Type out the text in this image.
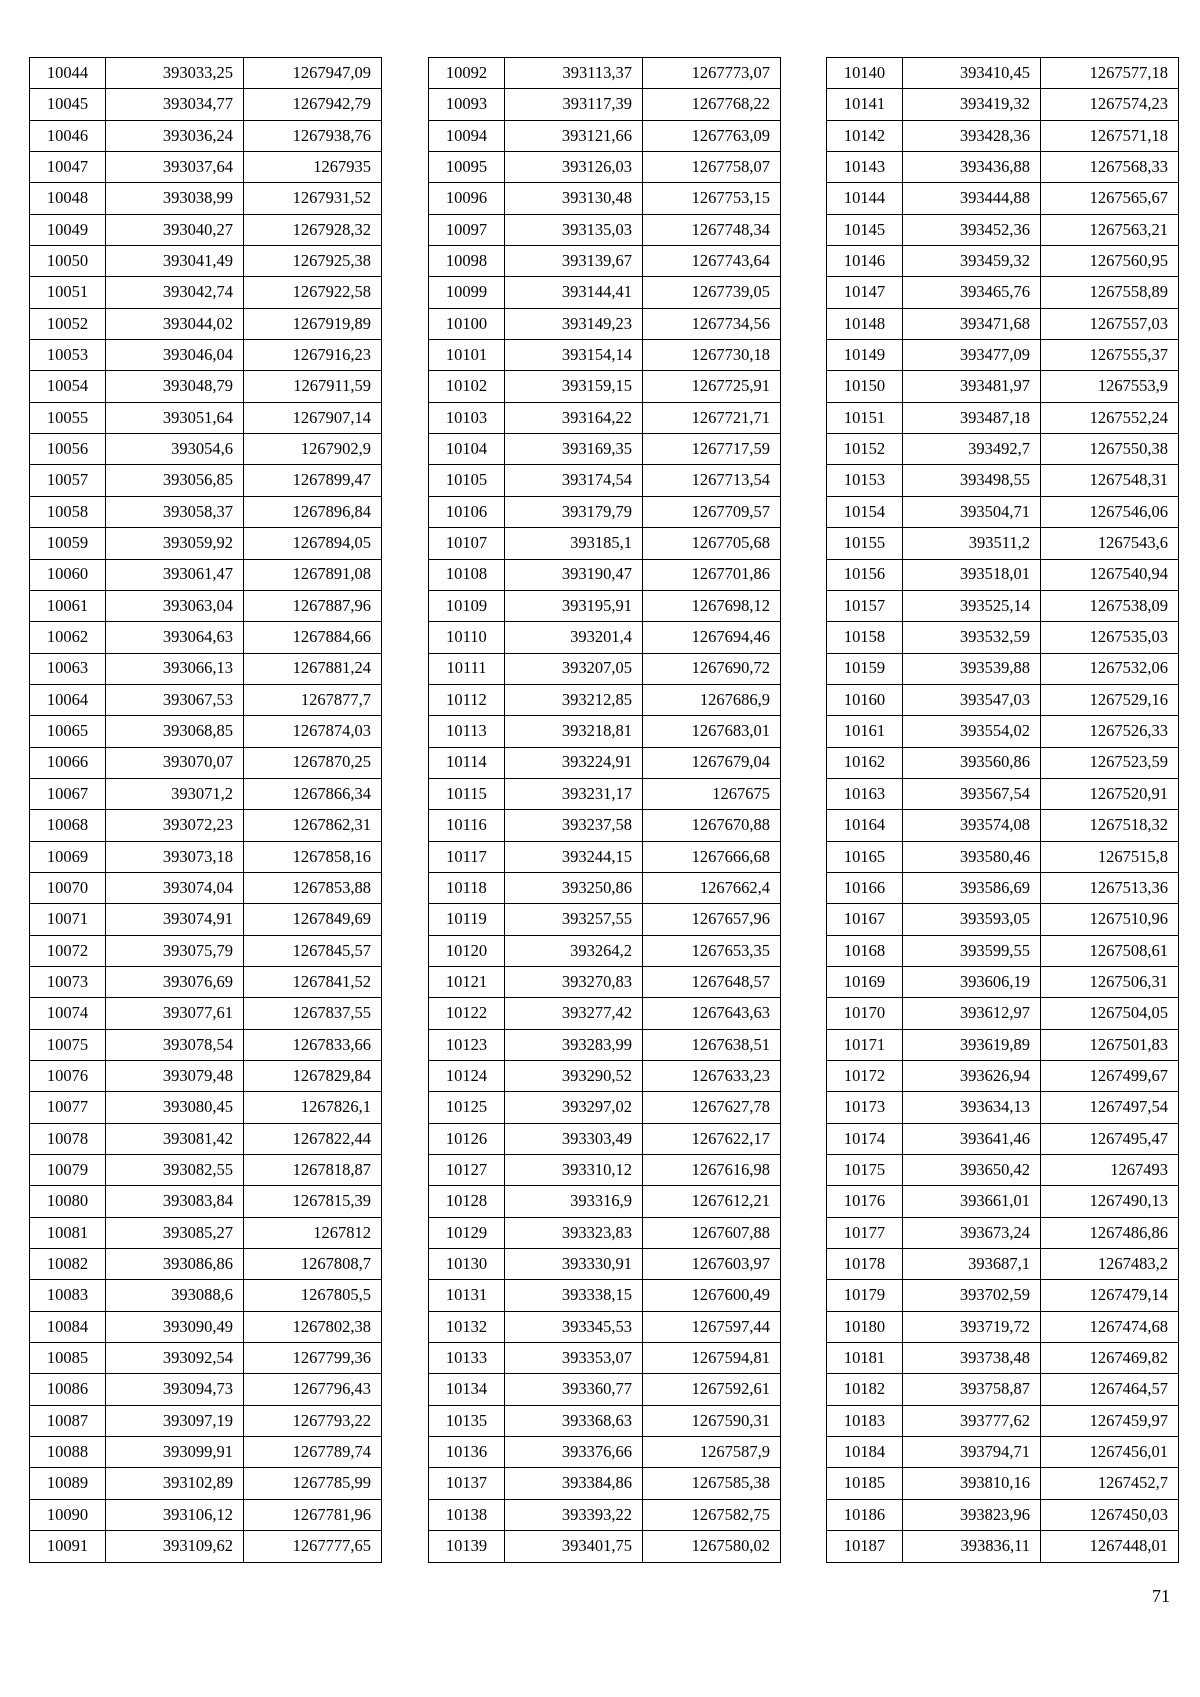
10044	393033,25	1267947,09
10045	393034,77	1267942,79
10046	393036,24	1267938,76
10047	393037,64	1267935
10048	393038,99	1267931,52
10049	393040,27	1267928,32
10050	393041,49	1267925,38
10051	393042,74	1267922,58
10052	393044,02	1267919,89
10053	393046,04	1267916,23
10054	393048,79	1267911,59
10055	393051,64	1267907,14
10056	393054,6	1267902,9
10057	393056,85	1267899,47
10058	393058,37	1267896,84
10059	393059,92	1267894,05
10060	393061,47	1267891,08
10061	393063,04	1267887,96
10062	393064,63	1267884,66
10063	393066,13	1267881,24
10064	393067,53	1267877,7
10065	393068,85	1267874,03
10066	393070,07	1267870,25
10067	393071,2	1267866,34
10068	393072,23	1267862,31
10069	393073,18	1267858,16
10070	393074,04	1267853,88
10071	393074,91	1267849,69
10072	393075,79	1267845,57
10073	393076,69	1267841,52
10074	393077,61	1267837,55
10075	393078,54	1267833,66
10076	393079,48	1267829,84
10077	393080,45	1267826,1
10078	393081,42	1267822,44
10079	393082,55	1267818,87
10080	393083,84	1267815,39
10081	393085,27	1267812
10082	393086,86	1267808,7
10083	393088,6	1267805,5
10084	393090,49	1267802,38
10085	393092,54	1267799,36
10086	393094,73	1267796,43
10087	393097,19	1267793,22
10088	393099,91	1267789,74
10089	393102,89	1267785,99
10090	393106,12	1267781,96
10091	393109,62	1267777,65
10092	393113,37	1267773,07
10093	393117,39	1267768,22
10094	393121,66	1267763,09
10095	393126,03	1267758,07
10096	393130,48	1267753,15
10097	393135,03	1267748,34
10098	393139,67	1267743,64
10099	393144,41	1267739,05
10100	393149,23	1267734,56
10101	393154,14	1267730,18
10102	393159,15	1267725,91
10103	393164,22	1267721,71
10104	393169,35	1267717,59
10105	393174,54	1267713,54
10106	393179,79	1267709,57
10107	393185,1	1267705,68
10108	393190,47	1267701,86
10109	393195,91	1267698,12
10110	393201,4	1267694,46
10111	393207,05	1267690,72
10112	393212,85	1267686,9
10113	393218,81	1267683,01
10114	393224,91	1267679,04
10115	393231,17	1267675
10116	393237,58	1267670,88
10117	393244,15	1267666,68
10118	393250,86	1267662,4
10119	393257,55	1267657,96
10120	393264,2	1267653,35
10121	393270,83	1267648,57
10122	393277,42	1267643,63
10123	393283,99	1267638,51
10124	393290,52	1267633,23
10125	393297,02	1267627,78
10126	393303,49	1267622,17
10127	393310,12	1267616,98
10128	393316,9	1267612,21
10129	393323,83	1267607,88
10130	393330,91	1267603,97
10131	393338,15	1267600,49
10132	393345,53	1267597,44
10133	393353,07	1267594,81
10134	393360,77	1267592,61
10135	393368,63	1267590,31
10136	393376,66	1267587,9
10137	393384,86	1267585,38
10138	393393,22	1267582,75
10139	393401,75	1267580,02
10140	393410,45	1267577,18
10141	393419,32	1267574,23
10142	393428,36	1267571,18
10143	393436,88	1267568,33
10144	393444,88	1267565,67
10145	393452,36	1267563,21
10146	393459,32	1267560,95
10147	393465,76	1267558,89
10148	393471,68	1267557,03
10149	393477,09	1267555,37
10150	393481,97	1267553,9
10151	393487,18	1267552,24
10152	393492,7	1267550,38
10153	393498,55	1267548,31
10154	393504,71	1267546,06
10155	393511,2	1267543,6
10156	393518,01	1267540,94
10157	393525,14	1267538,09
10158	393532,59	1267535,03
10159	393539,88	1267532,06
10160	393547,03	1267529,16
10161	393554,02	1267526,33
10162	393560,86	1267523,59
10163	393567,54	1267520,91
10164	393574,08	1267518,32
10165	393580,46	1267515,8
10166	393586,69	1267513,36
10167	393593,05	1267510,96
10168	393599,55	1267508,61
10169	393606,19	1267506,31
10170	393612,97	1267504,05
10171	393619,89	1267501,83
10172	393626,94	1267499,67
10173	393634,13	1267497,54
10174	393641,46	1267495,47
10175	393650,42	1267493
10176	393661,01	1267490,13
10177	393673,24	1267486,86
10178	393687,1	1267483,2
10179	393702,59	1267479,14
10180	393719,72	1267474,68
10181	393738,48	1267469,82
10182	393758,87	1267464,57
10183	393777,62	1267459,97
10184	393794,71	1267456,01
10185	393810,16	1267452,7
10186	393823,96	1267450,03
10187	393836,11	1267448,01
71
